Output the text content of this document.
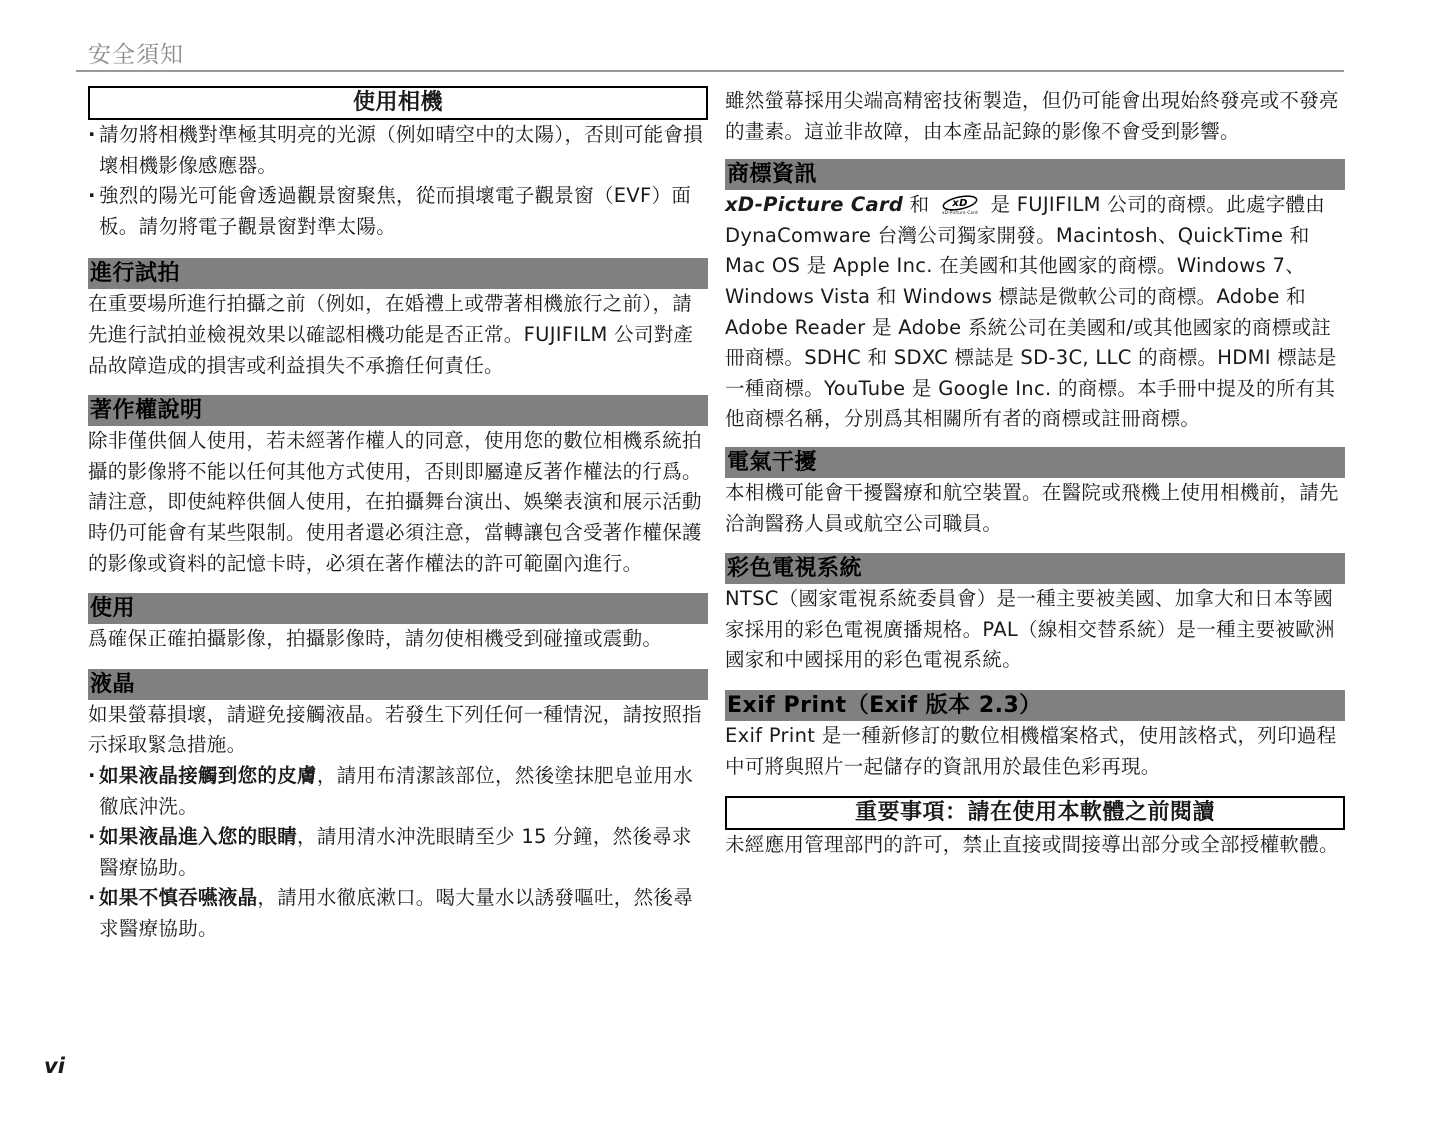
安全須知
使用相機
· 請勿將相機對準極其明亮的光源（例如晴空中的太陽），否則可能會損壞相機影像感應器。

· 強烈的陽光可能會透過觀景窗聚焦，從而損壞電子觀景窗（EVF）面板。請勿將電子觀景窗對準太陽。

進行試拍

在重要場所進行拍攝之前（例如，在婚禮上或帶著相機旅行之前），請先進行試拍並檢視效果以確認相機功能是否正常。FUJIFILM 公司對產品故障造成的損害或利益損失不承擔任何責任。

著作權說明

除非僅供個人使用，若未經著作權人的同意，使用您的數位相機系統拍攝的影像將不能以任何其他方式使用，否則即屬違反著作權法的行爲。請注意，即使純粹供個人使用，在拍攝舞台演出、娛樂表演和展示活動時仍可能會有某些限制。使用者還必須注意，當轉讓包含受著作權保護的影像或資料的記憶卡時，必須在著作權法的許可範圍內進行。

使用

爲確保正確拍攝影像，拍攝影像時，請勿使相機受到碰撞或震動。

液晶

如果螢幕損壞，請避免接觸液晶。若發生下列任何一種情況，請按照指示採取緊急措施。

· 如果液晶接觸到您的皮膚，請用布清潔該部位，然後塗抹肥皂並用水徹底沖洗。

· 如果液晶進入您的眼睛，請用清水沖洗眼睛至少 15 分鐘，然後尋求醫療協助。

· 如果不慎吞嚥液晶，請用水徹底漱口。喝大量水以誘發嘔吐，然後尋求醫療協助。

雖然螢幕採用尖端高精密技術製造，但仍可能會出現始終發亮或不發亮的畫素。這並非故障，由本產品記錄的影像不會受到影響。

商標資訊

xD-Picture Card 和 xD
xD-Picture Card 是 FUJIFILM 公司的商標。此處字體由 DynaComware 台灣公司獨家開發。Macintosh、QuickTime 和 Mac OS 是 Apple Inc. 在美國和其他國家的商標。Windows 7、Windows Vista 和 Windows 標誌是微軟公司的商標。Adobe 和 Adobe Reader 是 Adobe 系統公司在美國和/或其他國家的商標或註冊商標。SDHC 和 SDXC 標誌是 SD-3C, LLC 的商標。HDMI 標誌是一種商標。YouTube 是 Google Inc. 的商標。本手冊中提及的所有其他商標名稱，分別爲其相關所有者的商標或註冊商標。

電氣干擾

本相機可能會干擾醫療和航空裝置。在醫院或飛機上使用相機前，請先洽詢醫務人員或航空公司職員。

彩色電視系統

NTSC（國家電視系統委員會）是一種主要被美國、加拿大和日本等國家採用的彩色電視廣播規格。PAL（線相交替系統）是一種主要被歐洲國家和中國採用的彩色電視系統。

Exif Print（Exif 版本 2.3）

Exif Print 是一種新修訂的數位相機檔案格式，使用該格式，列印過程中可將與照片一起儲存的資訊用於最佳色彩再現。

重要事項：請在使用本軟體之前閱讀

未經應用管理部門的許可，禁止直接或間接導出部分或全部授權軟體。

vi
